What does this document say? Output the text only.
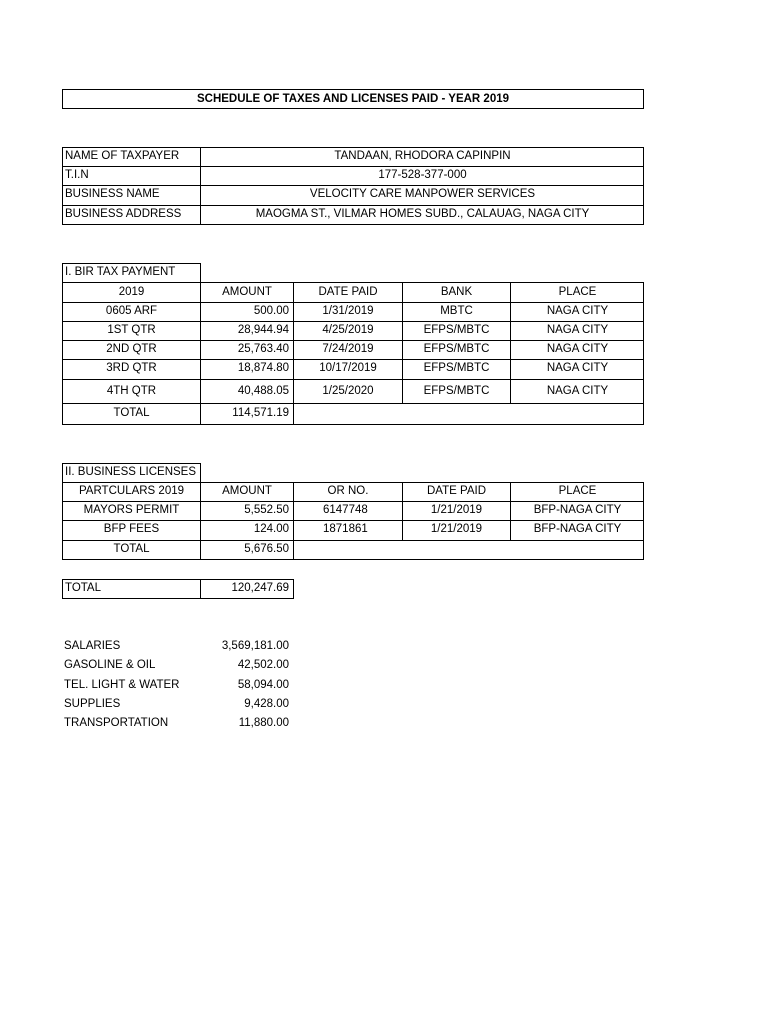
SCHEDULE OF TAXES AND LICENSES PAID - YEAR 2019
NAME OF TAXPAYER	TANDAAN, RHODORA CAPINPIN
T.I.N	177-528-377-000
BUSINESS NAME	VELOCITY CARE MANPOWER SERVICES
BUSINESS ADDRESS	MAOGMA ST., VILMAR HOMES SUBD., CALAUAG, NAGA CITY
I. BIR TAX PAYMENT
2019	AMOUNT	DATE PAID	BANK	PLACE
0605 ARF	500.00	1/31/2019	MBTC	NAGA CITY
1ST QTR	28,944.94	4/25/2019	EFPS/MBTC	NAGA CITY
2ND QTR	25,763.40	7/24/2019	EFPS/MBTC	NAGA CITY
3RD QTR	18,874.80	10/17/2019	EFPS/MBTC	NAGA CITY
4TH QTR	40,488.05	1/25/2020	EFPS/MBTC	NAGA CITY
TOTAL	114,571.19
II. BUSINESS LICENSES
PARTCULARS 2019	AMOUNT	OR NO.	DATE PAID	PLACE
MAYORS PERMIT	5,552.50	6147748	1/21/2019	BFP-NAGA CITY
BFP FEES	124.00	1871861	1/21/2019	BFP-NAGA CITY
TOTAL	5,676.50
TOTAL	120,247.69
SALARIES	3,569,181.00
GASOLINE & OIL	42,502.00
TEL. LIGHT & WATER	58,094.00
SUPPLIES	9,428.00
TRANSPORTATION	11,880.00
